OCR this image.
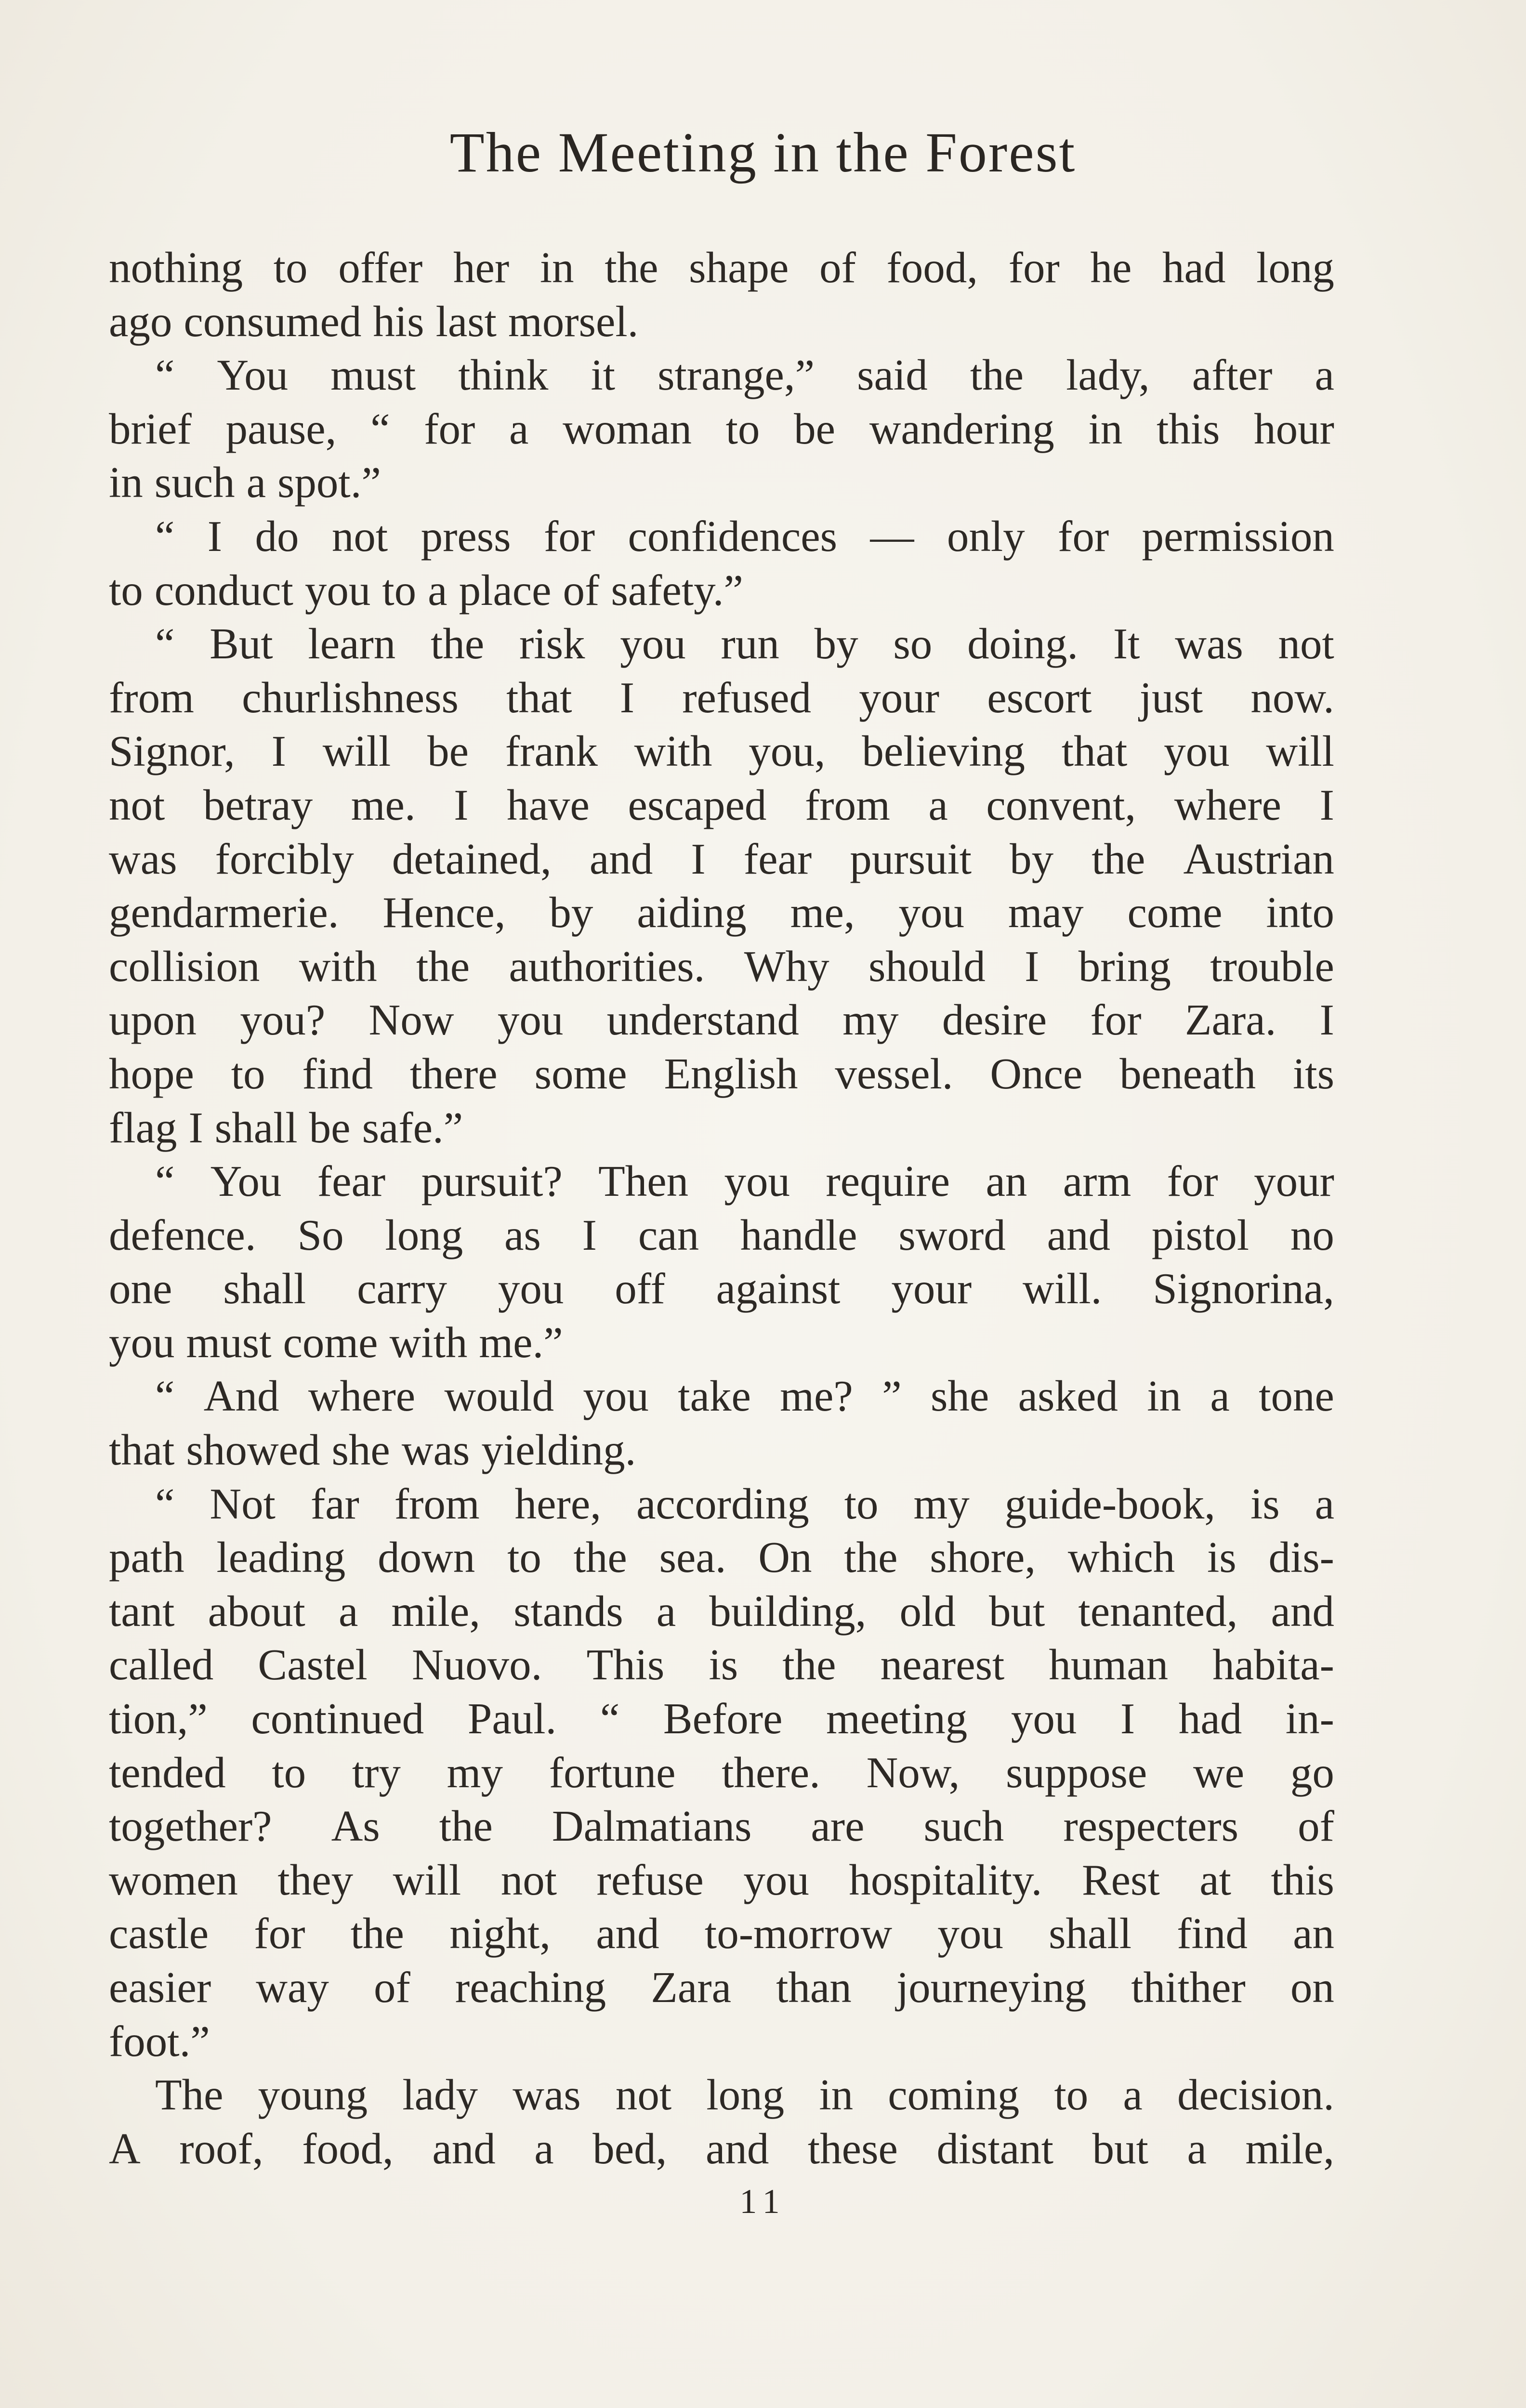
The Meeting in the Forest
nothing to offer her in the shape of food, for he had long
ago consumed his last morsel.
“ You must think it strange,” said the lady, after a
brief pause, “ for a woman to be wandering in this hour
in such a spot.”
“ I do not press for confidences — only for permission
to conduct you to a place of safety.”
“ But learn the risk you run by so doing. It was not
from churlishness that I refused your escort just now.
Signor, I will be frank with you, believing that you will
not betray me. I have escaped from a convent, where I
was forcibly detained, and I fear pursuit by the Austrian
gendarmerie. Hence, by aiding me, you may come into
collision with the authorities. Why should I bring trouble
upon you? Now you understand my desire for Zara. I
hope to find there some English vessel. Once beneath its
flag I shall be safe.”
“ You fear pursuit? Then you require an arm for your
defence. So long as I can handle sword and pistol no
one shall carry you off against your will. Signorina,
you must come with me.”
“ And where would you take me? ” she asked in a tone
that showed she was yielding.
“ Not far from here, according to my guide-book, is a
path leading down to the sea. On the shore, which is dis-
tant about a mile, stands a building, old but tenanted, and
called Castel Nuovo. This is the nearest human habita-
tion,” continued Paul. “ Before meeting you I had in-
tended to try my fortune there. Now, suppose we go
together? As the Dalmatians are such respecters of
women they will not refuse you hospitality. Rest at this
castle for the night, and to-morrow you shall find an
easier way of reaching Zara than journeying thither on
foot.”
The young lady was not long in coming to a decision.
A roof, food, and a bed, and these distant but a mile,
11
